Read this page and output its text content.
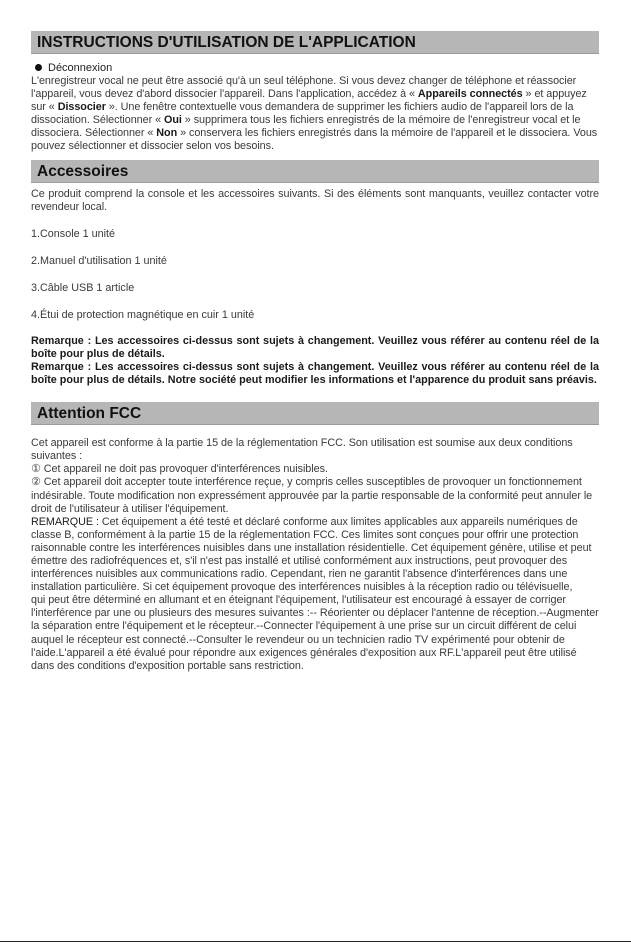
INSTRUCTIONS D'UTILISATION DE L'APPLICATION
Déconnexion
L'enregistreur vocal ne peut être associé qu'à un seul téléphone. Si vous devez changer de téléphone et réassocier l'appareil, vous devez d'abord dissocier l'appareil. Dans l'application, accédez à « Appareils connectés » et appuyez sur « Dissocier ». Une fenêtre contextuelle vous demandera de supprimer les fichiers audio de l'appareil lors de la dissociation. Sélectionner « Oui » supprimera tous les fichiers enregistrés de la mémoire de l'enregistreur vocal et le dissociera. Sélectionner « Non » conservera les fichiers enregistrés dans la mémoire de l'appareil et le dissociera. Vous pouvez sélectionner et dissocier selon vos besoins.
Accessoires
Ce produit comprend la console et les accessoires suivants. Si des éléments sont manquants, veuillez contacter votre revendeur local.
1.Console 1 unité
2.Manuel d'utilisation 1 unité
3.Câble USB 1 article
4.Étui de protection magnétique en cuir 1 unité
Remarque : Les accessoires ci-dessus sont sujets à changement. Veuillez vous référer au contenu réel de la boîte pour plus de détails.
Remarque : Les accessoires ci-dessus sont sujets à changement. Veuillez vous référer au contenu réel de la boîte pour plus de détails. Notre société peut modifier les informations et l'apparence du produit sans préavis.
Attention FCC
Cet appareil est conforme à la partie 15 de la réglementation FCC. Son utilisation est soumise aux deux conditions suivantes :
① Cet appareil ne doit pas provoquer d'interférences nuisibles.
② Cet appareil doit accepter toute interférence reçue, y compris celles susceptibles de provoquer un fonctionnement indésirable. Toute modification non expressément approuvée par la partie responsable de la conformité peut annuler le droit de l'utilisateur à utiliser l'équipement.
REMARQUE : Cet équipement a été testé et déclaré conforme aux limites applicables aux appareils numériques de classe B, conformément à la partie 15 de la réglementation FCC. Ces limites sont conçues pour offrir une protection raisonnable contre les interférences nuisibles dans une installation résidentielle. Cet équipement génère, utilise et peut émettre des radiofréquences et, s'il n'est pas installé et utilisé conformément aux instructions, peut provoquer des interférences nuisibles aux communications radio. Cependant, rien ne garantit l'absence d'interférences dans une installation particulière. Si cet équipement provoque des interférences nuisibles à la réception radio ou télévisuelle,
qui peut être déterminé en allumant et en éteignant l'équipement, l'utilisateur est encouragé à essayer de corriger l'interférence par une ou plusieurs des mesures suivantes :-- Réorienter ou déplacer l'antenne de réception.--Augmenter la séparation entre l'équipement et le récepteur.--Connecter l'équipement à une prise sur un circuit différent de celui auquel le récepteur est connecté.--Consulter le revendeur ou un technicien radio TV expérimenté pour obtenir de l'aide.L'appareil a été évalué pour répondre aux exigences générales d'exposition aux RF.L'appareil peut être utilisé dans des conditions d'exposition portable sans restriction.
